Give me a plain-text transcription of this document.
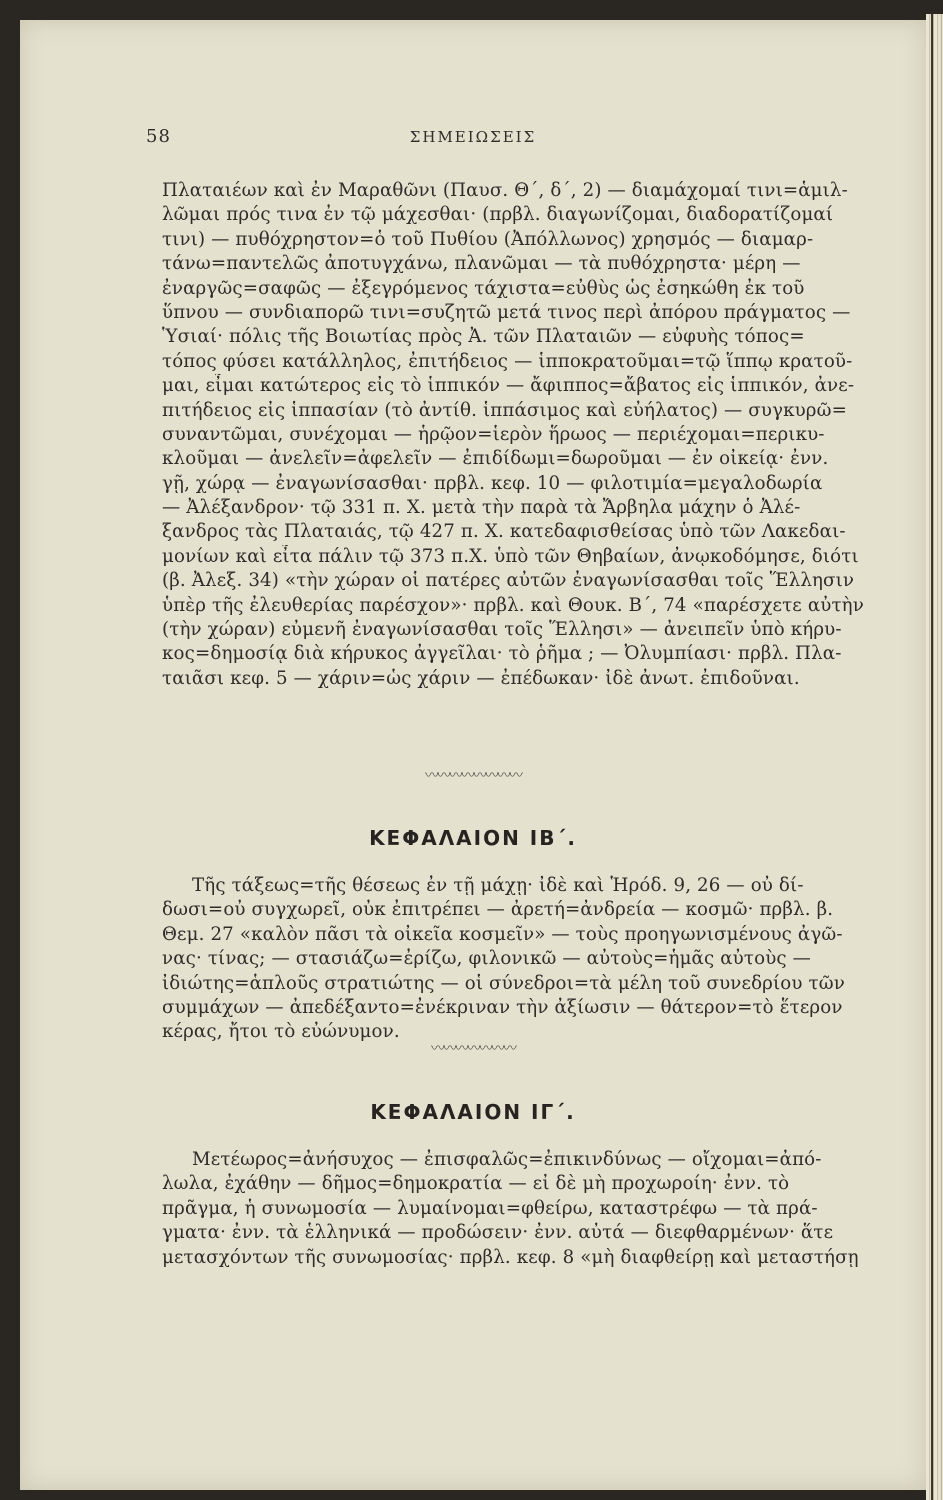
58	ΣΗΜΕΙΩΣΕΙΣ
Πλαταιέων καὶ ἐν Μαραθῶνι (Παυσ. Θ΄, δ΄, 2) — διαμάχομαί τινι=ἁμιλ-
λῶμαι πρός τινα ἐν τῷ μάχεσθαι· (πρβλ. διαγωνίζομαι, διαδορατίζομαί
τινι) — πυθόχρηστον=ὁ τοῦ Πυθίου (Ἀπόλλωνος) χρησμός — διαμαρ-
τάνω=παντελῶς ἀποτυγχάνω, πλανῶμαι — τὰ πυθόχρηστα· μέρη —
ἐναργῶς=σαφῶς — ἐξεγρόμενος τάχιστα=εὐθὺς ὡς ἐσηκώθη ἐκ τοῦ
ὕπνου — συνδιαπορῶ τινι=συζητῶ μετά τινος περὶ ἀπόρου πράγματος —
Ὑσιαί· πόλις τῆς Βοιωτίας πρὸς Ἀ. τῶν Πλαταιῶν — εὐφυὴς τόπος=
τόπος φύσει κατάλληλος, ἐπιτήδειος — ἱπποκρατοῦμαι=τῷ ἵππῳ κρατοῦ-
μαι, εἶμαι κατώτερος εἰς τὸ ἱππικόν — ἄφιππος=ἄβατος εἰς ἱππικόν, ἀνε-
πιτήδειος εἰς ἱππασίαν (τὸ ἀντίθ. ἱππάσιμος καὶ εὐήλατος) — συγκυρῶ=
συναντῶμαι, συνέχομαι — ἡρῷον=ἱερὸν ἥρωος — περιέχομαι=περικυ-
κλοῦμαι — ἀνελεῖν=ἀφελεῖν — ἐπιδίδωμι=δωροῦμαι — ἐν οἰκείᾳ· ἐνν.
γῇ, χώρᾳ — ἐναγωνίσασθαι· πρβλ. κεφ. 10 — φιλοτιμία=μεγαλοδωρία
— Ἀλέξανδρον· τῷ 331 π. Χ. μετὰ τὴν παρὰ τὰ Ἄρβηλα μάχην ὁ Ἀλέ-
ξανδρος τὰς Πλαταιάς, τῷ 427 π. Χ. κατεδαφισθείσας ὑπὸ τῶν Λακεδαι-
μονίων καὶ εἶτα πάλιν τῷ 373 π.Χ. ὑπὸ τῶν Θηβαίων, ἀνῳκοδόμησε, διότι
(β. Ἀλεξ. 34) «τὴν χώραν οἱ πατέρες αὐτῶν ἐναγωνίσασθαι τοῖς Ἕλλησιν
ὑπὲρ τῆς ἐλευθερίας παρέσχον»· πρβλ. καὶ Θουκ. Β΄, 74 «παρέσχετε αὐτὴν
(τὴν χώραν) εὐμενῆ ἐναγωνίσασθαι τοῖς Ἕλλησι» — ἀνειπεῖν ὑπὸ κήρυ-
κος=δημοσίᾳ διὰ κήρυκος ἀγγεῖλαι· τὸ ῥῆμα ; — Ὀλυμπίασι· πρβλ. Πλα-
ταιᾶσι κεφ. 5 — χάριν=ὡς χάριν — ἐπέδωκαν· ἰδὲ ἀνωτ. ἐπιδοῦναι.
〰〰〰〰〰〰〰〰
ΚΕΦΑΛΑΙΟΝ ΙΒ΄.
Τῆς τάξεως=τῆς θέσεως ἐν τῇ μάχῃ· ἰδὲ καὶ Ἡρόδ. 9, 26 — οὐ δί-
δωσι=οὐ συγχωρεῖ, οὐκ ἐπιτρέπει — ἀρετή=ἀνδρεία — κοσμῶ· πρβλ. β.
Θεμ. 27 «καλὸν πᾶσι τὰ οἰκεῖα κοσμεῖν» — τοὺς προηγωνισμένους ἀγῶ-
νας· τίνας; — στασιάζω=ἐρίζω, φιλονικῶ — αὐτοὺς=ἡμᾶς αὐτοὺς —
ἰδιώτης=ἁπλοῦς στρατιώτης — οἱ σύνεδροι=τὰ μέλη τοῦ συνεδρίου τῶν
συμμάχων — ἀπεδέξαντο=ἐνέκριναν τὴν ἀξίωσιν — θάτερον=τὸ ἕτερον
κέρας, ἤτοι τὸ εὐώνυμον.
〰〰〰〰〰〰〰
ΚΕΦΑΛΑΙΟΝ ΙΓ΄.
Μετέωρος=ἀνήσυχος — ἐπισφαλῶς=ἐπικινδύνως — οἴχομαι=ἀπό-
λωλα, ἐχάθην — δῆμος=δημοκρατία — εἰ δὲ μὴ προχωροίη· ἐνν. τὸ
πρᾶγμα, ἡ συνωμοσία — λυμαίνομαι=φθείρω, καταστρέφω — τὰ πρά-
γματα· ἐνν. τὰ ἑλληνικά — προδώσειν· ἐνν. αὐτά — διεφθαρμένων· ἅτε
μετασχόντων τῆς συνωμοσίας· πρβλ. κεφ. 8 «μὴ διαφθείρῃ καὶ μεταστήσῃ
